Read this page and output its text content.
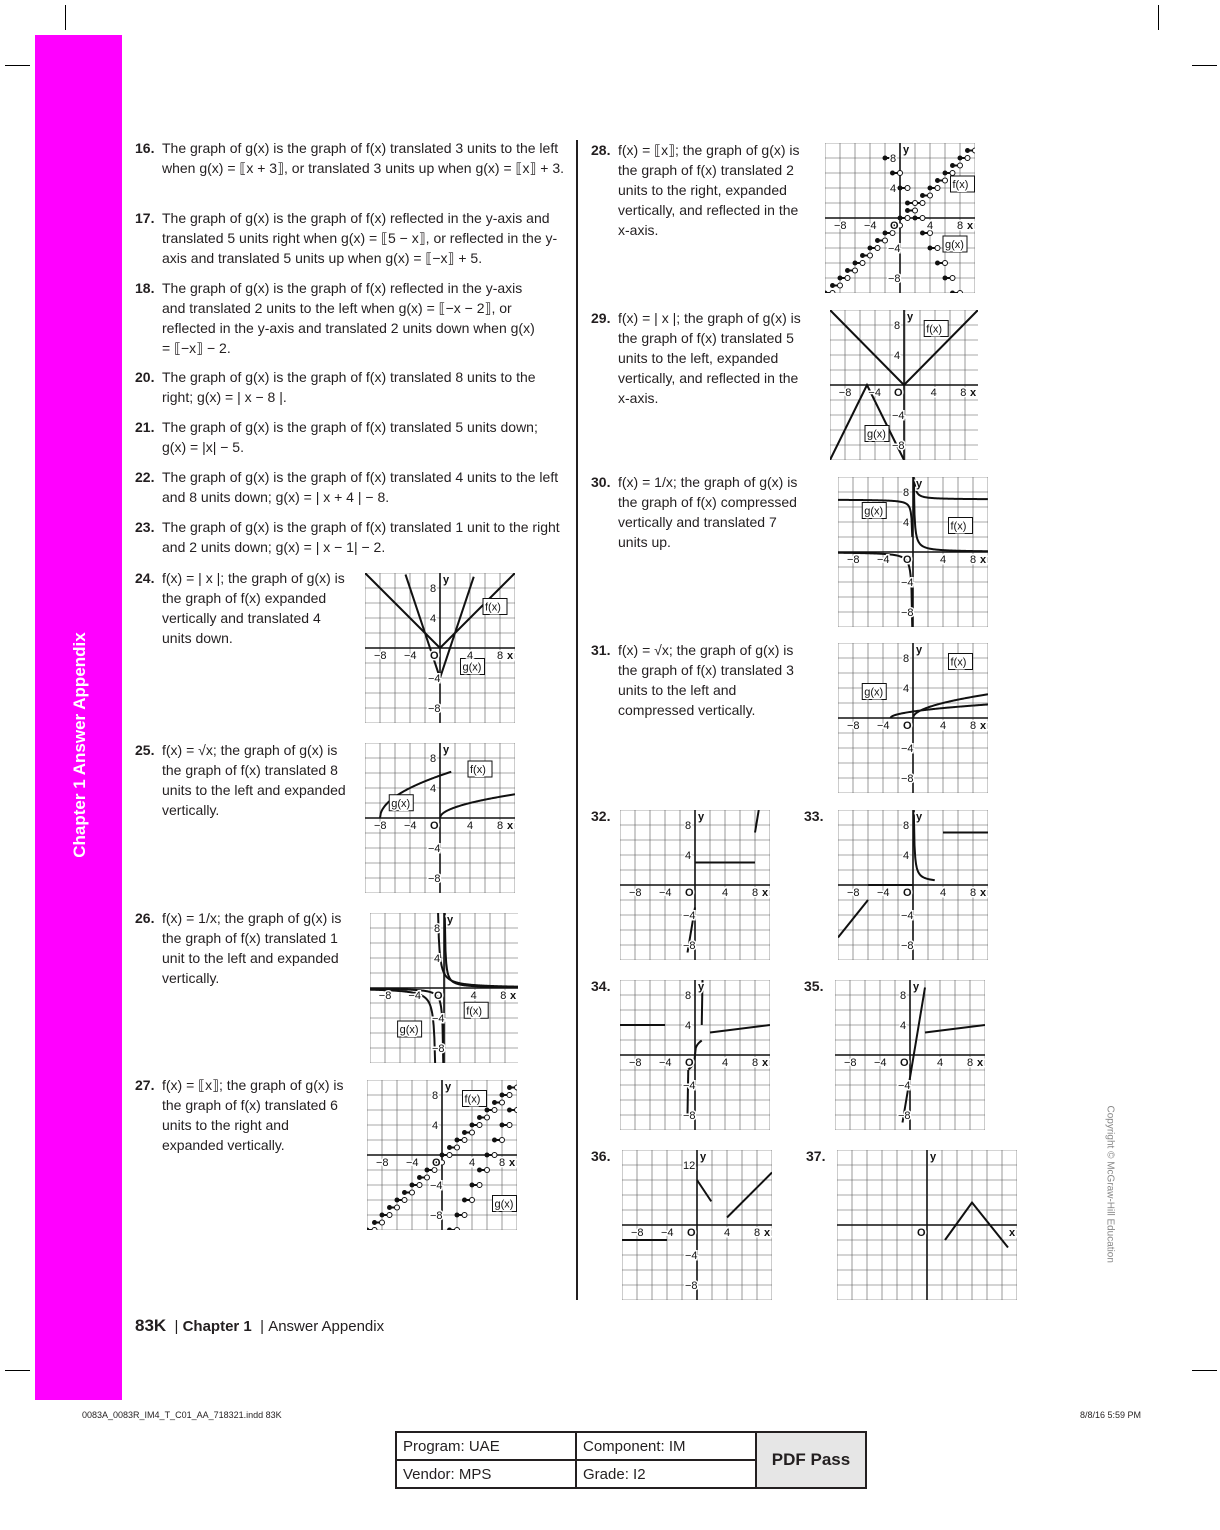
Chapter 1 Answer Appendix
16. The graph of g(x) is the graph of f(x) translated 3 units to the left when g(x) = ⟦x + 3⟧, or translated 3 units up when g(x) = ⟦x⟧ + 3.
17. The graph of g(x) is the graph of f(x) reflected in the y-axis and translated 5 units right when g(x) = ⟦5 − x⟧, or reflected in the y-axis and translated 5 units up when g(x) = ⟦−x⟧ + 5.
18. The graph of g(x) is the graph of f(x) reflected in the y-axis and translated 2 units to the left when g(x) = ⟦−x − 2⟧, or reflected in the y-axis and translated 2 units down when g(x) = ⟦−x⟧ − 2.
20. The graph of g(x) is the graph of f(x) translated 8 units to the right; g(x) = | x − 8 |.
21. The graph of g(x) is the graph of f(x) translated 5 units down; g(x) = |x| − 5.
22. The graph of g(x) is the graph of f(x) translated 4 units to the left and 8 units down; g(x) = | x + 4 | − 8.
23. The graph of g(x) is the graph of f(x) translated 1 unit to the right and 2 units down; g(x) = | x − 1| − 2.
24. f(x) = | x |; the graph of g(x) is the graph of f(x) expanded vertically and translated 4 units down.
25. f(x) = √x; the graph of g(x) is the graph of f(x) translated 8 units to the left and expanded vertically.
26. f(x) = 1/x; the graph of g(x) is the graph of f(x) translated 1 unit to the left and expanded vertically.
27. f(x) = ⟦x⟧; the graph of g(x) is the graph of f(x) translated 6 units to the right and expanded vertically.
28. f(x) = ⟦x⟧; the graph of g(x) is the graph of f(x) translated 2 units to the right, expanded vertically, and reflected in the x-axis.
29. f(x) = | x |; the graph of g(x) is the graph of f(x) translated 5 units to the left, expanded vertically, and reflected in the x-axis.
30. f(x) = 1/x; the graph of g(x) is the graph of f(x) compressed vertically and translated 7 units up.
31. f(x) = √x; the graph of g(x) is the graph of f(x) translated 3 units to the left and compressed vertically.
32.	33.
34.	35.
36.	37.
f(x)
g(x)
−8 −4	4 8
8
4
−4
−8
O	x
y
f(x)
g(x)
−8 −4	4 8
8
4
−4
−8
O	x
y
f(x)
g(x)
−8 −4	4 8
8
4
−4
−8
O	x
y
f(x)
g(x)
−8 −4	4 8
8
4
−4
−8
O	x
y
f(x)
g(x)
−8 −4	4 8
8
4
−4
−8
O	x
y
f(x)
g(x)
−8 −4	4 8
8
4
−4
−8
O	x
y
f(x)
g(x)
−8 −4	4 8
8
4
−4
−8
O	x
y
f(x)
g(x)
−8 −4	4 8
8
4
−4
−8
O	x
y
−8 −4	4 8
8
4
−4
−8
O	x
y
−8 −4	4 8
8
4
−4
−8
O	x
y
−8 −4	4 8
8
4
−4
−8
O	x
y
−8 −4	4 8
8
4
−4
−8
O	x
y
−8 −4	4 8
12
−4
−8
O	x
y
O	x
y
83K  | Chapter 1  | Answer Appendix
Copyright © McGraw-Hill Education
0083A_0083R_IM4_T_C01_AA_718321.indd 83K	8/8/16 5:59 PM
Program: UAE	Component: IM	PDF Pass
Vendor: MPS	Grade: I2	
